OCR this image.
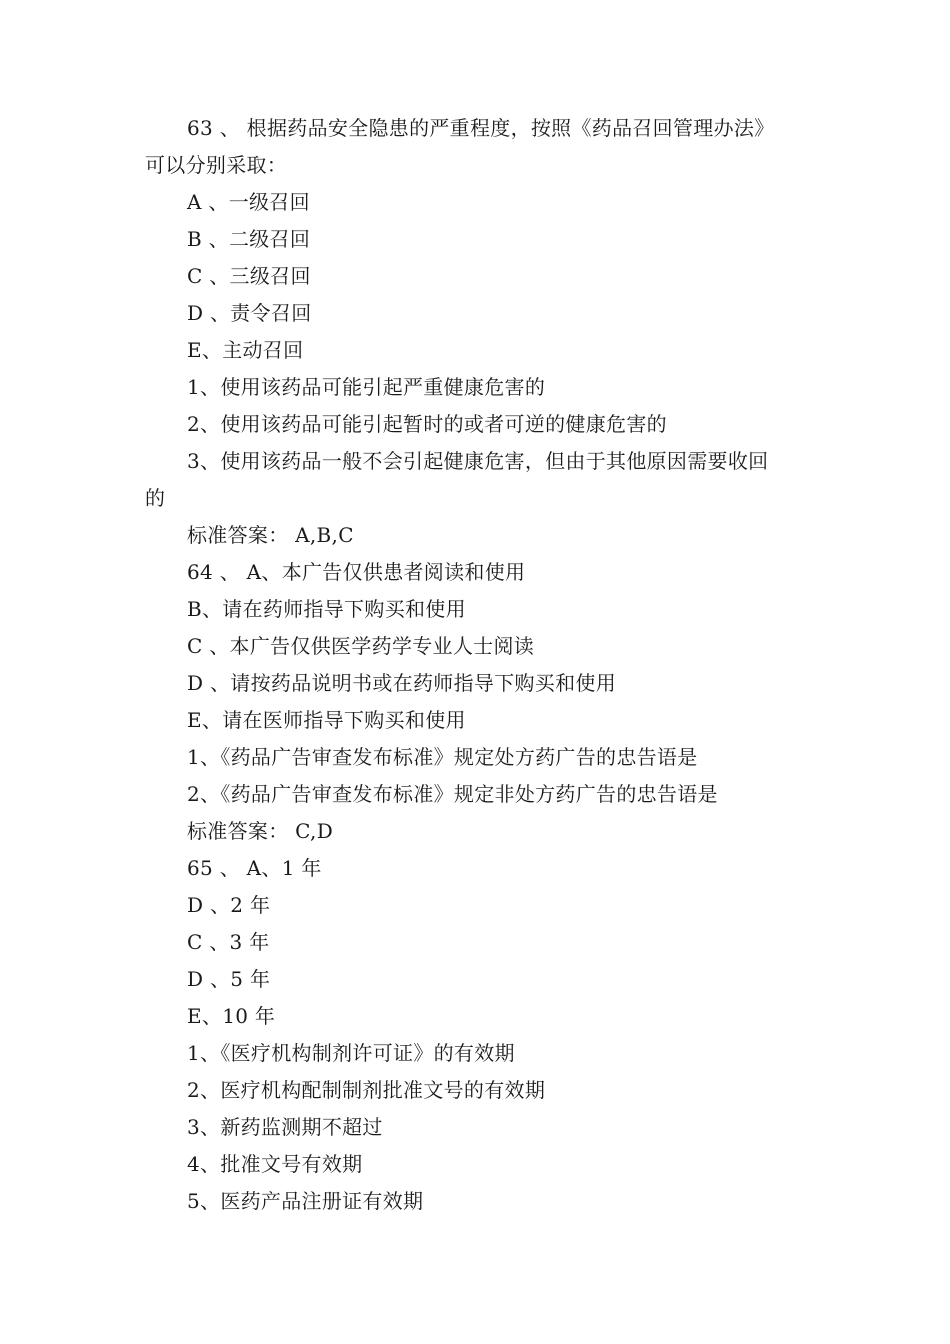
63 、 根据药品安全隐患的严重程度，按照《药品召回管理办法》
可以分别采取：
A 、一级召回
B 、二级召回
C 、三级召回
D 、责令召回
E、主动召回
1、使用该药品可能引起严重健康危害的
2、使用该药品可能引起暂时的或者可逆的健康危害的
3、使用该药品一般不会引起健康危害，但由于其他原因需要收回
的
标准答案： A,B,C
64 、 A、本广告仅供患者阅读和使用
B、请在药师指导下购买和使用
C 、本广告仅供医学药学专业人士阅读
D 、请按药品说明书或在药师指导下购买和使用
E、请在医师指导下购买和使用
1、《药品广告审查发布标准》规定处方药广告的忠告语是
2、《药品广告审查发布标准》规定非处方药广告的忠告语是
标准答案： C,D
65 、 A、1 年
D 、2 年
C 、3 年
D 、5 年
E、10 年
1、《医疗机构制剂许可证》的有效期
2、医疗机构配制制剂批准文号的有效期
3、新药监测期不超过
4、批准文号有效期
5、医药产品注册证有效期
